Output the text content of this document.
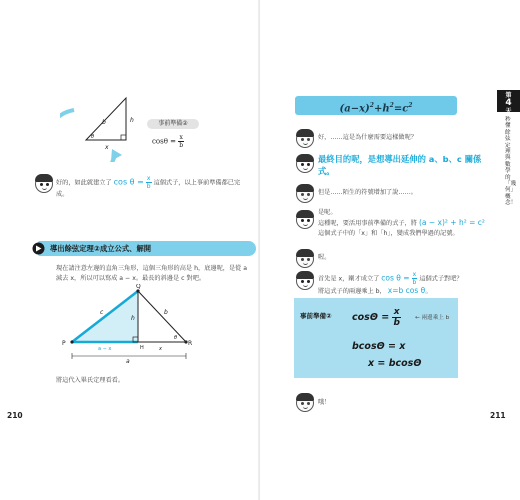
h
b
x
θ
事前準備②
$\cos\theta = \frac{x}{b}$
好的，如此就建立了 $\cos \theta = \frac{x}{b}$ 這個式子，以上事前準備都已完成。
導出餘弦定理②成立公式、解開
現在請注意左邊的直角三角形，這個三角形的高是 h，底邊呢，是從 a 減去 x，所以可以寫成 a − x。最長的斜邊是 c 對吧。
Q
P	R
H
c	b
h
θ
a − x	x
a
將這代入畢氏定理看看。
210
$(a-x)^2+h^2=c^2$
第
4
天
秒懂餘弦定理與數學的「幾何」概念！
好，……這是為什麼需要這樣做呢？
最終目的呢，是想導出延伸的 a、b、c 關係式。
但是……陌生的符號增加了說……。
是呢。
這種呢，要活用事前準備的式子，將 (a − x)² + h² = c² 這個式子中的「x」和「h」，變成我們學過的記號。
喔。
首先是 x，剛才成立了 $\cos \theta = \frac{x}{b}$ 這個式子對吧？
將這式子的兩邊乘上 b， x=b cos θ。
事前準備② $\cos\Theta = \frac{x}{b}$	← 兩邊乘上 b
bcosΘ = x
x = bcosΘ
哦！
211
